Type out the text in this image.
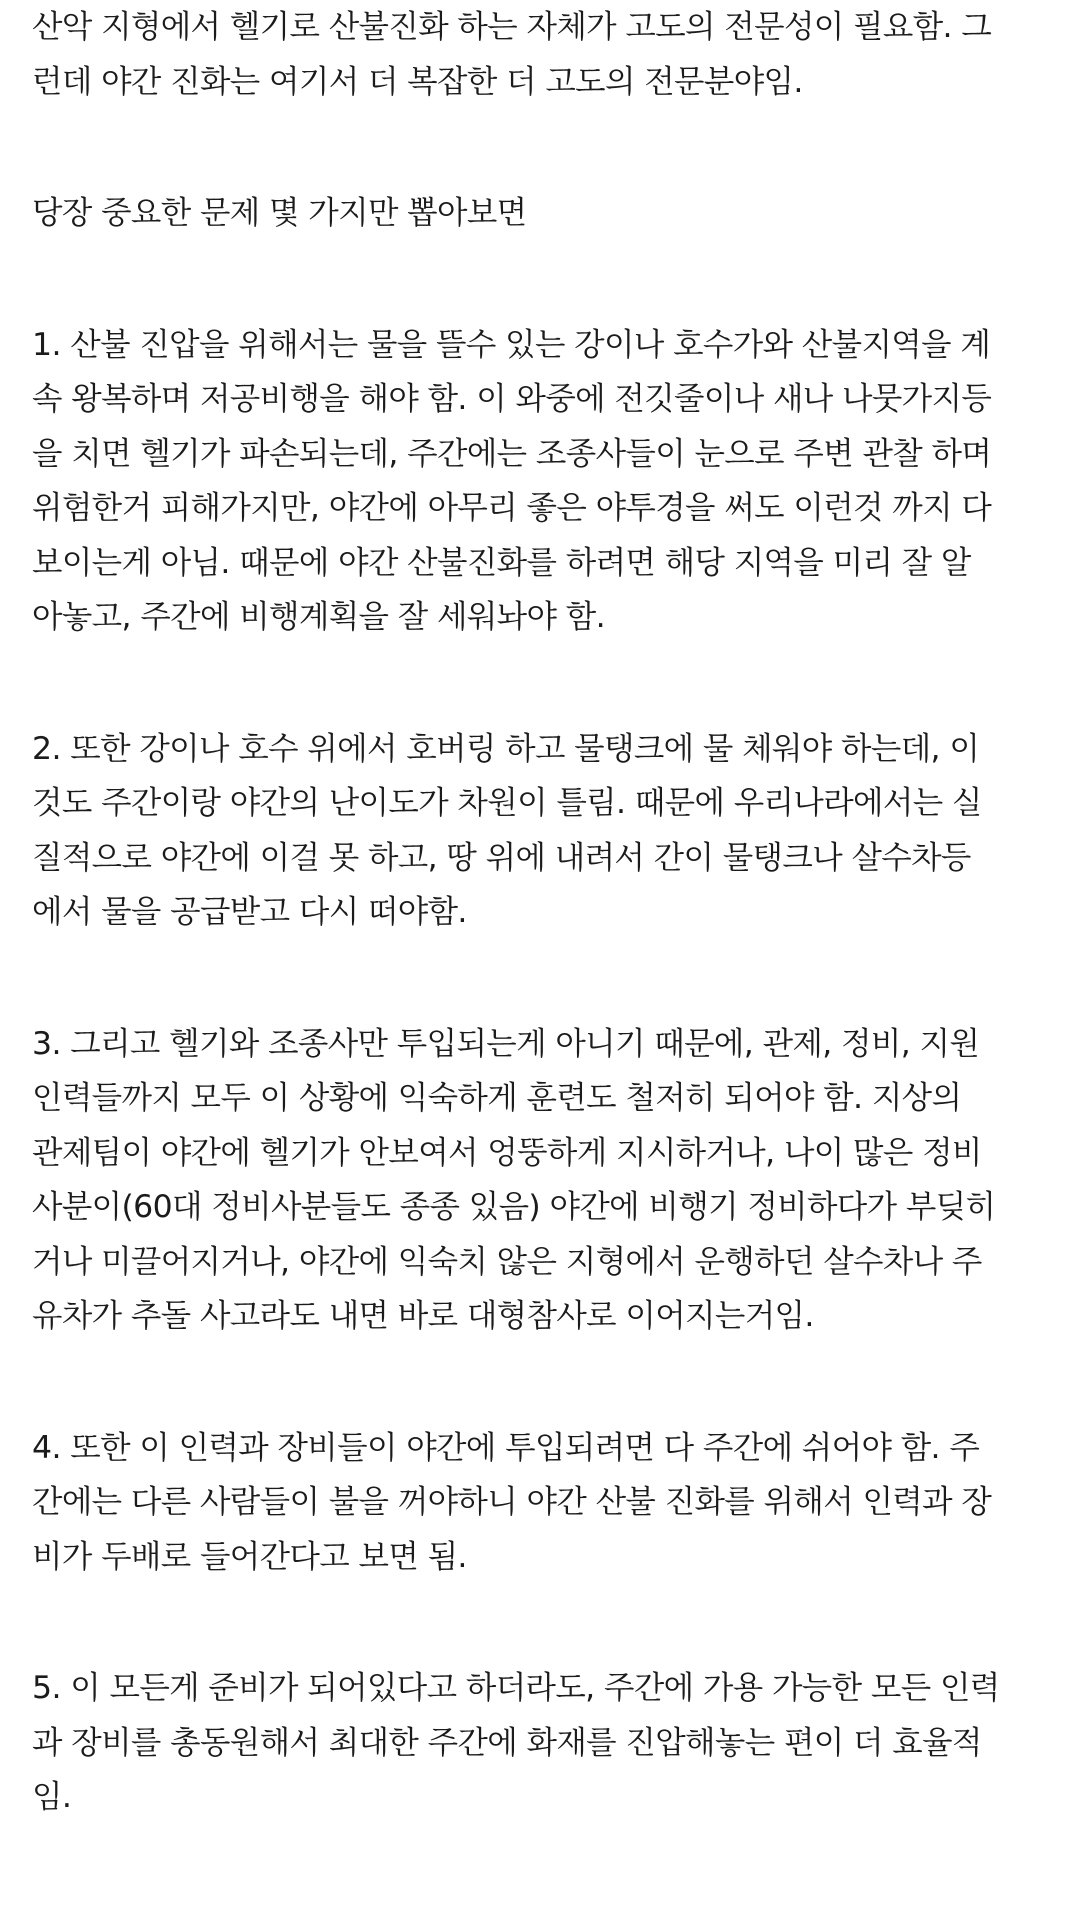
산악 지형에서 헬기로 산불진화 하는 자체가 고도의 전문성이 필요함. 그
런데 야간 진화는 여기서 더 복잡한 더 고도의 전문분야임.

당장 중요한 문제 몇 가지만 뽑아보면

1. 산불 진압을 위해서는 물을 뜰수 있는 강이나 호수가와 산불지역을 계
속 왕복하며 저공비행을 해야 함. 이 와중에 전깃줄이나 새나 나뭇가지등
을 치면 헬기가 파손되는데, 주간에는 조종사들이 눈으로 주변 관찰 하며
위험한거 피해가지만, 야간에 아무리 좋은 야투경을 써도 이런것 까지 다
보이는게 아님. 때문에 야간 산불진화를 하려면 해당 지역을 미리 잘 알
아놓고, 주간에 비행계획을 잘 세워놔야 함.

2. 또한 강이나 호수 위에서 호버링 하고 물탱크에 물 체워야 하는데, 이
것도 주간이랑 야간의 난이도가 차원이 틀림. 때문에 우리나라에서는 실
질적으로 야간에 이걸 못 하고, 땅 위에 내려서 간이 물탱크나 살수차등
에서 물을 공급받고 다시 떠야함.

3. 그리고 헬기와 조종사만 투입되는게 아니기 때문에, 관제, 정비, 지원
인력들까지 모두 이 상황에 익숙하게 훈련도 철저히 되어야 함. 지상의
관제팀이 야간에 헬기가 안보여서 엉뚱하게 지시하거나, 나이 많은 정비
사분이(60대 정비사분들도 종종 있음) 야간에 비행기 정비하다가 부딪히
거나 미끌어지거나, 야간에 익숙치 않은 지형에서 운행하던 살수차나 주
유차가 추돌 사고라도 내면 바로 대형참사로 이어지는거임.

4. 또한 이 인력과 장비들이 야간에 투입되려면 다 주간에 쉬어야 함. 주
간에는 다른 사람들이 불을 꺼야하니 야간 산불 진화를 위해서 인력과 장
비가 두배로 들어간다고 보면 됨.

5. 이 모든게 준비가 되어있다고 하더라도, 주간에 가용 가능한 모든 인력
과 장비를 총동원해서 최대한 주간에 화재를 진압해놓는 편이 더 효율적
임.
